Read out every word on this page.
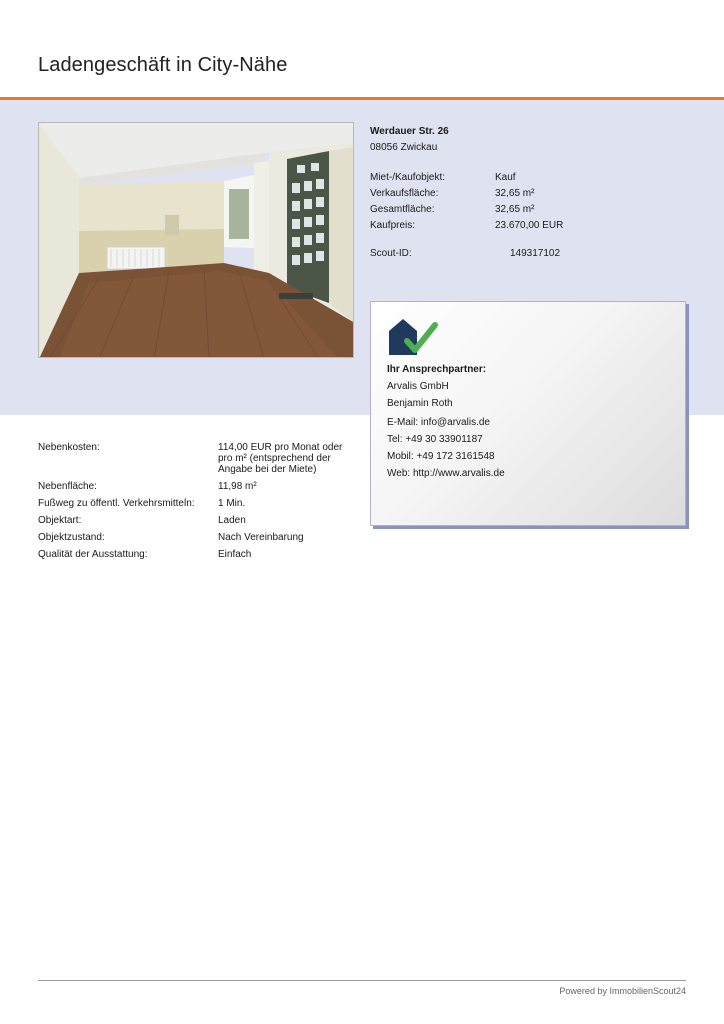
Ladengeschäft in City-Nähe
Werdauer Str. 26
08056 Zwickau
Miet-/Kaufobjekt:	Kauf
Verkaufsfläche:	32,65 m²
Gesamtfläche:	32,65 m²
Kaufpreis:	23.670,00 EUR
Scout-ID:	149317102
Ihr Ansprechpartner:
Arvalis GmbH
Benjamin Roth
E-Mail: info@arvalis.de
Tel: +49 30 33901187
Mobil: +49 172 3161548
Web: http://www.arvalis.de
Nebenkosten:	114,00 EUR pro Monat oder pro m² (entsprechend der Angabe bei der Miete)
Nebenfläche:	11,98 m²
Fußweg zu öffentl. Verkehrsmitteln: 1 Min.
Objektart:	Laden
Objektzustand:	Nach Vereinbarung
Qualität der Ausstattung:	Einfach
Powered by ImmobilienScout24
